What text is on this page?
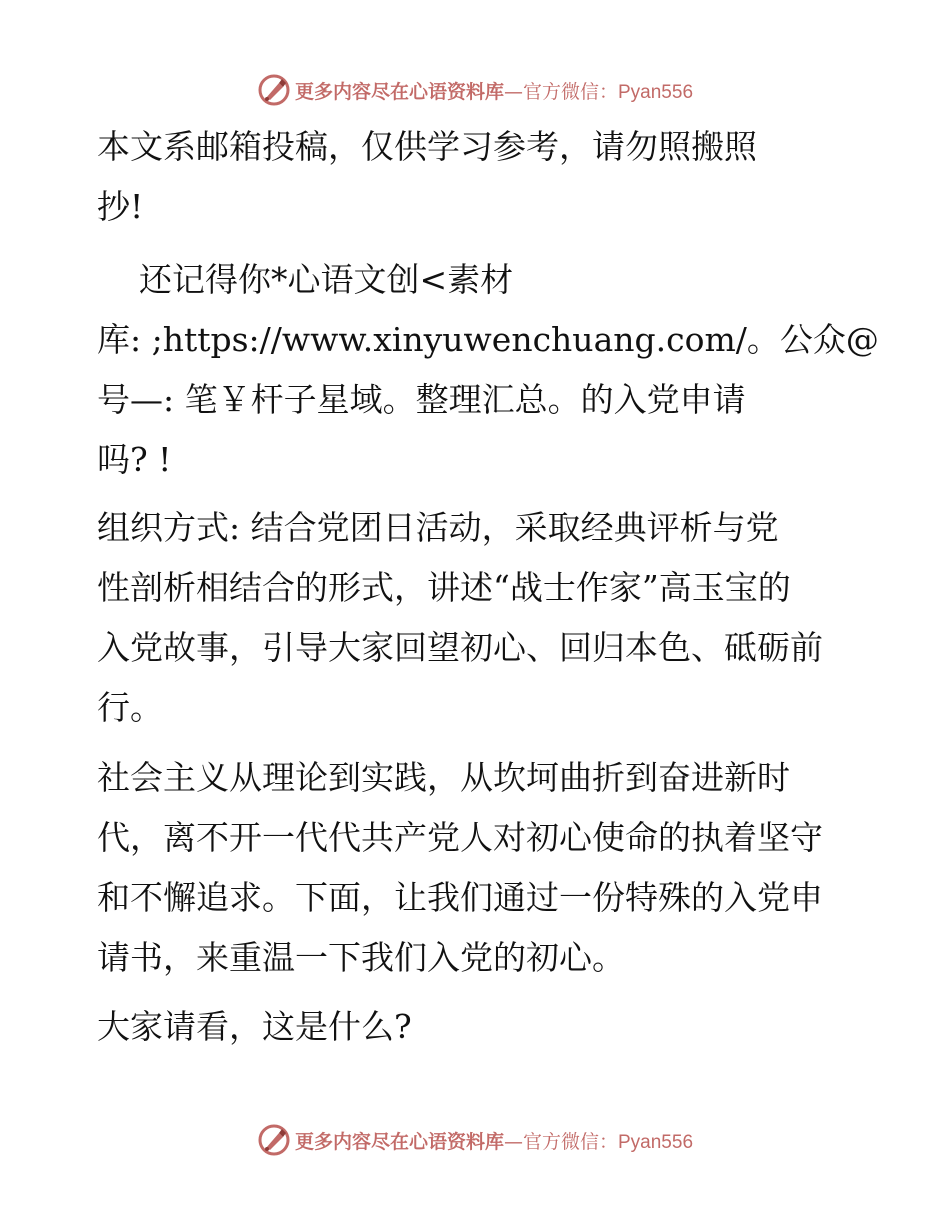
更多内容尽在心语资料库—官方微信：Pyan556
本文系邮箱投稿，仅供学习参考，请勿照搬照
抄!
还记得你*心语文创<素材
库: ;https://www.xinyuwenchuang.com/。公众@
号—: 笔￥杆子星域。整理汇总。的入党申请
吗? !
组织方式: 结合党团日活动，采取经典评析与党
性剖析相结合的形式，讲述“战士作家”高玉宝的
入党故事，引导大家回望初心、回归本色、砥砺前
行。
社会主义从理论到实践，从坎坷曲折到奋进新时
代，离不开一代代共产党人对初心使命的执着坚守
和不懈追求。下面，让我们通过一份特殊的入党申
请书，来重温一下我们入党的初心。
大家请看，这是什么?
更多内容尽在心语资料库—官方微信：Pyan556
